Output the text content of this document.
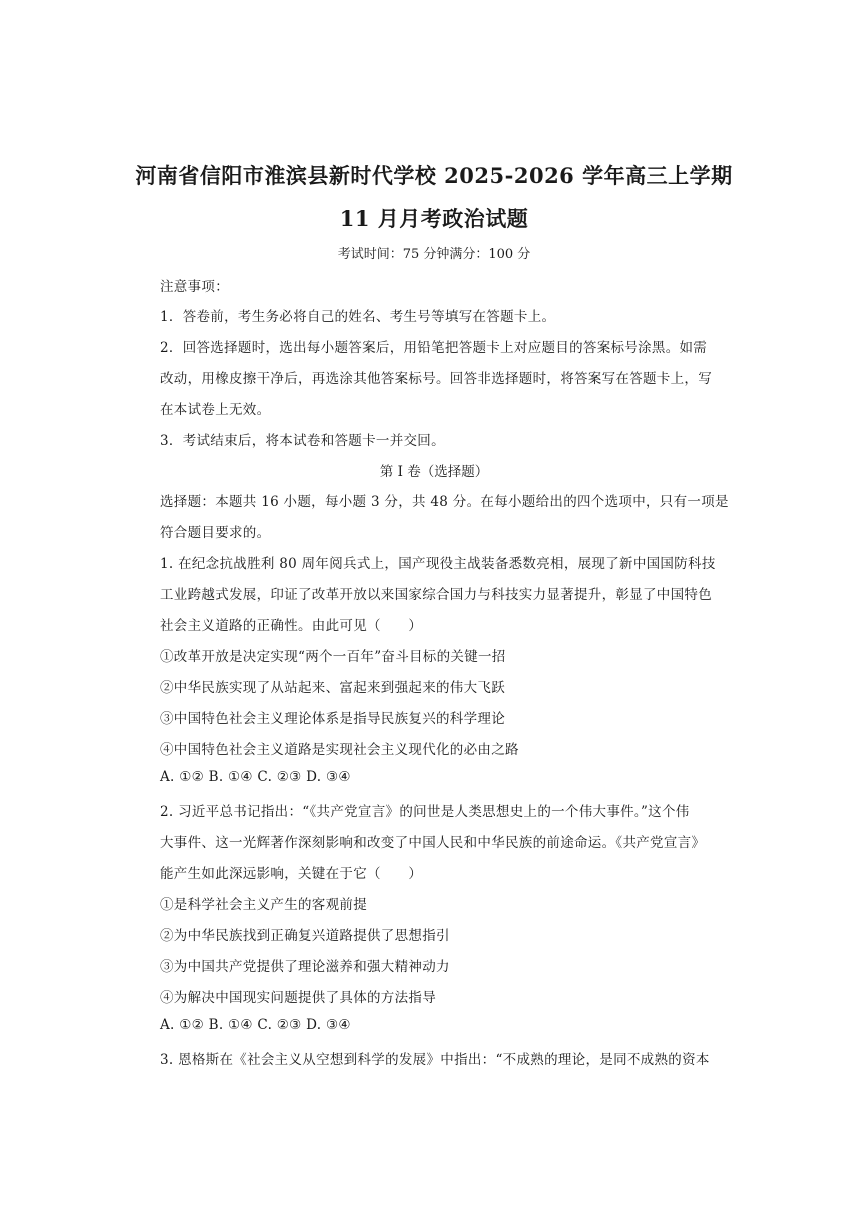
河南省信阳市淮滨县新时代学校 2025-2026 学年高三上学期
11 月月考政治试题
考试时间：75 分钟满分：100 分
注意事项：
1．答卷前，考生务必将自己的姓名、考生号等填写在答题卡上。
2．回答选择题时，选出每小题答案后，用铅笔把答题卡上对应题目的答案标号涂黑。如需
改动，用橡皮擦干净后，再选涂其他答案标号。回答非选择题时，将答案写在答题卡上，写
在本试卷上无效。
3．考试结束后，将本试卷和答题卡一并交回。
第 I 卷（选择题）
选择题：本题共 16 小题，每小题 3 分，共 48 分。在每小题给出的四个选项中，只有一项是
符合题目要求的。
1. 在纪念抗战胜利 80 周年阅兵式上，国产现役主战装备悉数亮相，展现了新中国国防科技
工业跨越式发展，印证了改革开放以来国家综合国力与科技实力显著提升，彰显了中国特色
社会主义道路的正确性。由此可见（　　）
①改革开放是决定实现“两个一百年”奋斗目标的关键一招
②中华民族实现了从站起来、富起来到强起来的伟大飞跃
③中国特色社会主义理论体系是指导民族复兴的科学理论
④中国特色社会主义道路是实现社会主义现代化的必由之路
A. ①② B. ①④ C. ②③ D. ③④
2. 习近平总书记指出：“《共产党宣言》的问世是人类思想史上的一个伟大事件。”这个伟
大事件、这一光辉著作深刻影响和改变了中国人民和中华民族的前途命运。《共产党宣言》
能产生如此深远影响，关键在于它（　　）
①是科学社会主义产生的客观前提
②为中华民族找到正确复兴道路提供了思想指引
③为中国共产党提供了理论滋养和强大精神动力
④为解决中国现实问题提供了具体的方法指导
A. ①② B. ①④ C. ②③ D. ③④
3. 恩格斯在《社会主义从空想到科学的发展》中指出：“不成熟的理论，是同不成熟的资本
